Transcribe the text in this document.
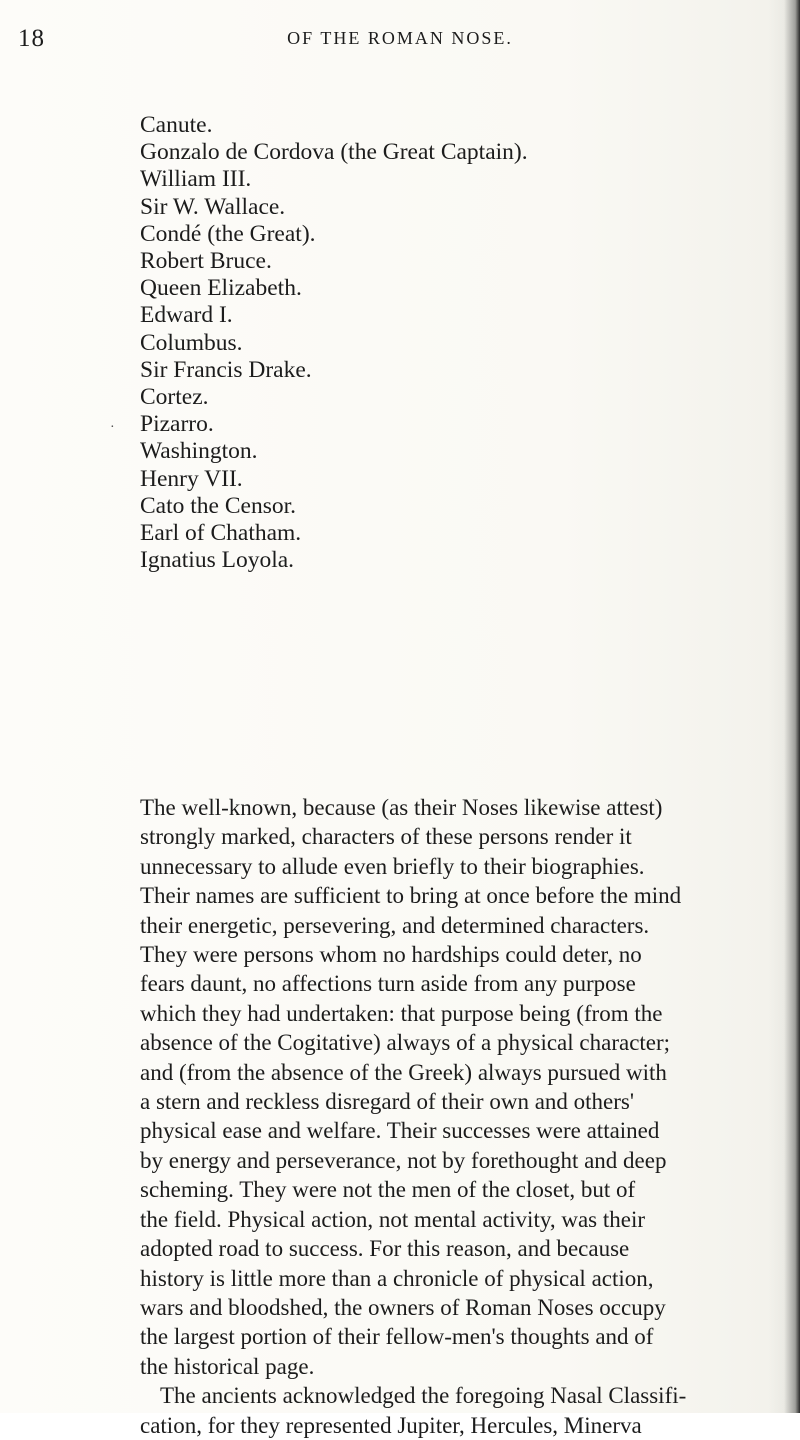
18	OF THE ROMAN NOSE.
Canute.
Gonzalo de Cordova (the Great Captain).
William III.
Sir W. Wallace.
Condé (the Great).
Robert Bruce.
Queen Elizabeth.
Edward I.
Columbus.
Sir Francis Drake.
Cortez.
Pizarro.
Washington.
Henry VII.
Cato the Censor.
Earl of Chatham.
Ignatius Loyola.
·
The well-known, because (as their Noses likewise attest)
strongly marked, characters of these persons render it
unnecessary to allude even briefly to their biographies.
Their names are sufficient to bring at once before the mind
their energetic, persevering, and determined characters.
They were persons whom no hardships could deter, no
fears daunt, no affections turn aside from any purpose
which they had undertaken: that purpose being (from the
absence of the Cogitative) always of a physical character;
and (from the absence of the Greek) always pursued with
a stern and reckless disregard of their own and others'
physical ease and welfare. Their successes were attained
by energy and perseverance, not by forethought and deep
scheming. They were not the men of the closet, but of
the field. Physical action, not mental activity, was their
adopted road to success. For this reason, and because
history is little more than a chronicle of physical action,
wars and bloodshed, the owners of Roman Noses occupy
the largest portion of their fellow-men's thoughts and of
the historical page.
The ancients acknowledged the foregoing Nasal Classifi-
cation, for they represented Jupiter, Hercules, Minerva
